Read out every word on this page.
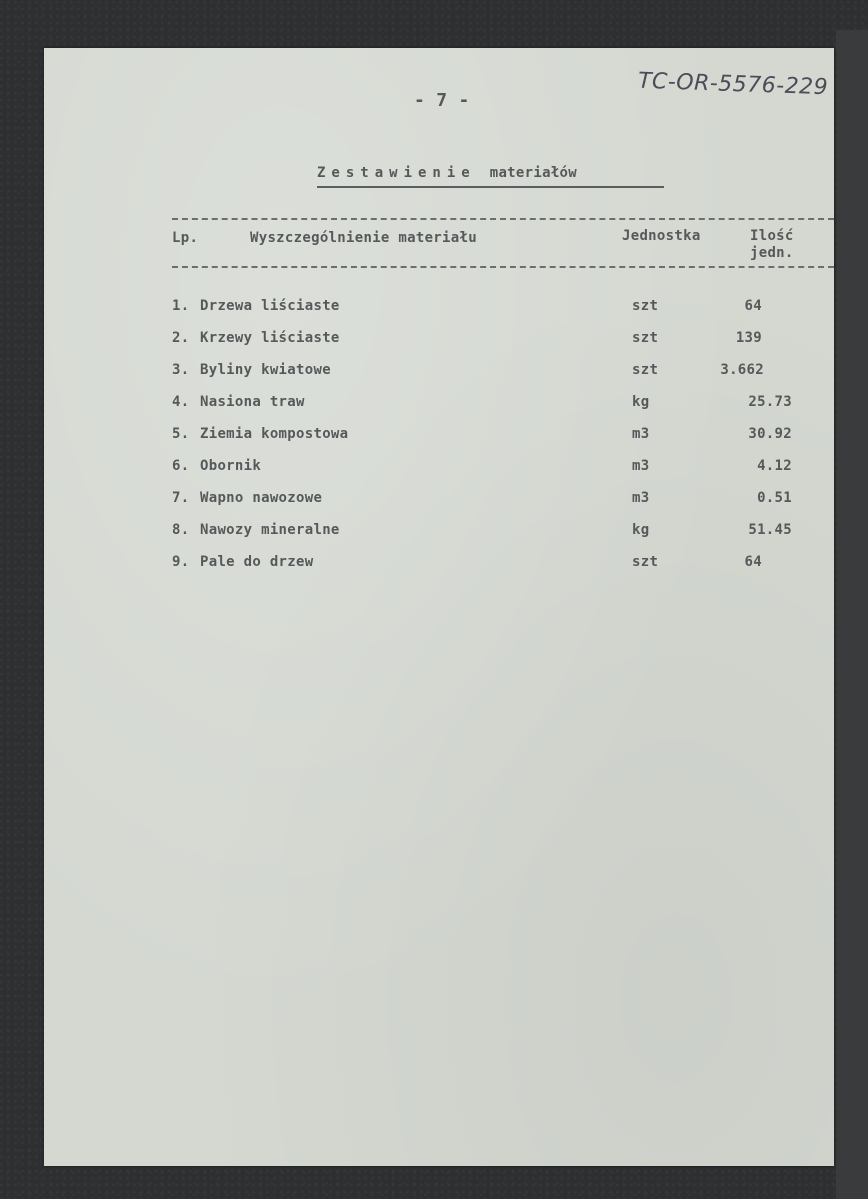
- 7 -
TC-OR-5576-229
Zestawienie materiałów
Lp.	Wyszczególnienie materiału	Jednostka	Ilość
jedn.
1. Drzewa liściaste	szt	64
2. Krzewy liściaste	szt	139
3. Byliny kwiatowe	szt	3.662
4. Nasiona traw	kg	25.73
5. Ziemia kompostowa	m3	30.92
6. Obornik	m3	4.12
7. Wapno nawozowe	m3	0.51
8. Nawozy mineralne	kg	51.45
9. Pale do drzew	szt	64
